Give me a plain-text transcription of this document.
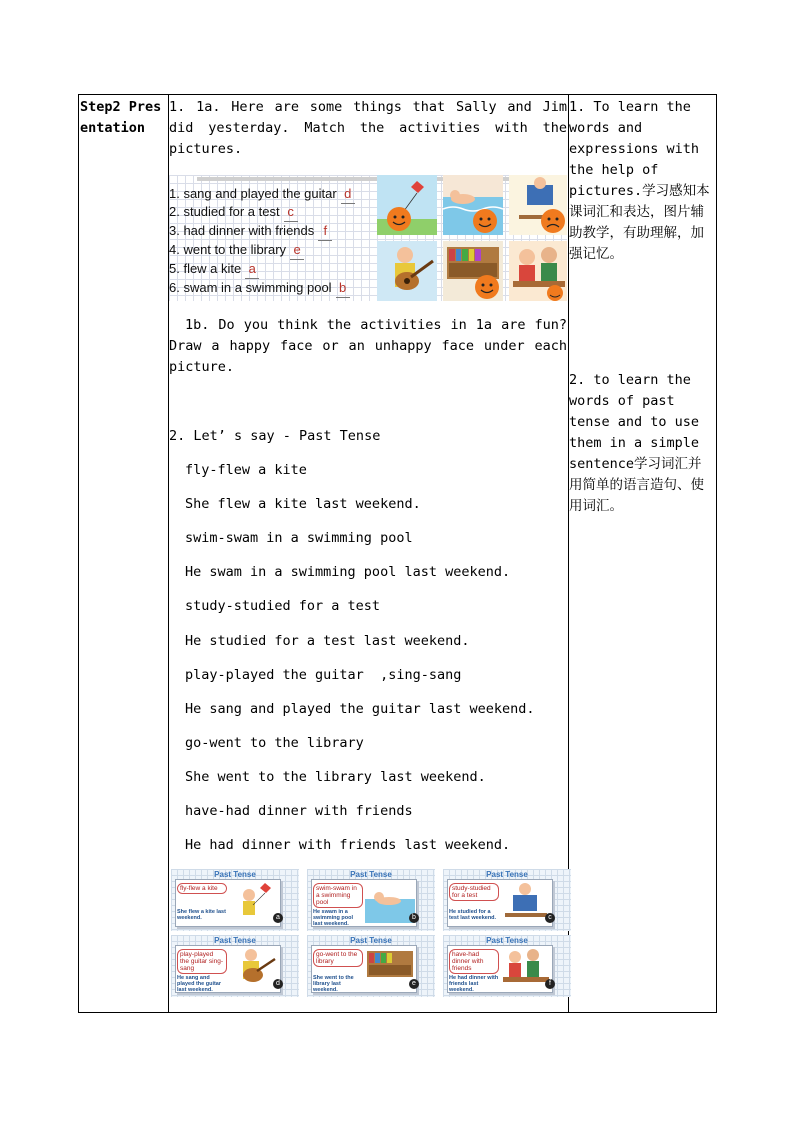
Step2 Presentation

1. 1a. Here are some things that Sally and Jim

did yesterday. Match the activities with the

pictures.

1. sang and played the guitar d
2. studied for a test c
3. had dinner with friends f
4. went to the library e
5. flew a kite a
6. swam in a swimming pool b

1b. Do you think the activities in 1a are fun?

Draw a happy face or an unhappy face under each

picture.

2. Let’ s say - Past Tense

fly-flew a kite

She flew a kite last weekend.

swim-swam in a swimming pool

He swam in a swimming pool last weekend.

study-studied for a test

He studied for a test last weekend.

play-played the guitar  ,sing-sang

He sang and played the guitar last weekend.

go-went to the library

She went to the library last weekend.

have-had dinner with friends

He had dinner with friends last weekend.

Past Tense
fly-flew a kite
She flew a kite last weekend.	a
Past Tense
swim-swam in a swimming pool
He swam in a swimming pool last weekend.
b
Past Tense
study-studied for a test
He studied for a test last weekend.	c
Past Tense
play-played the guitar sing-sang
He sang and played the guitar last weekend.
d
Past Tense
go-went to the library
She went to the library last weekend.
e
Past Tense
have-had dinner with friends
He had dinner with friends last weekend.
f

1. To learn the words and expressions with the help of pictures.学习感知本课词汇和表达，图片辅助教学，有助理解，加强记忆。

2. to learn the words of past tense and to use them in a simple sentence学习词汇并用简单的语言造句、使用词汇。
